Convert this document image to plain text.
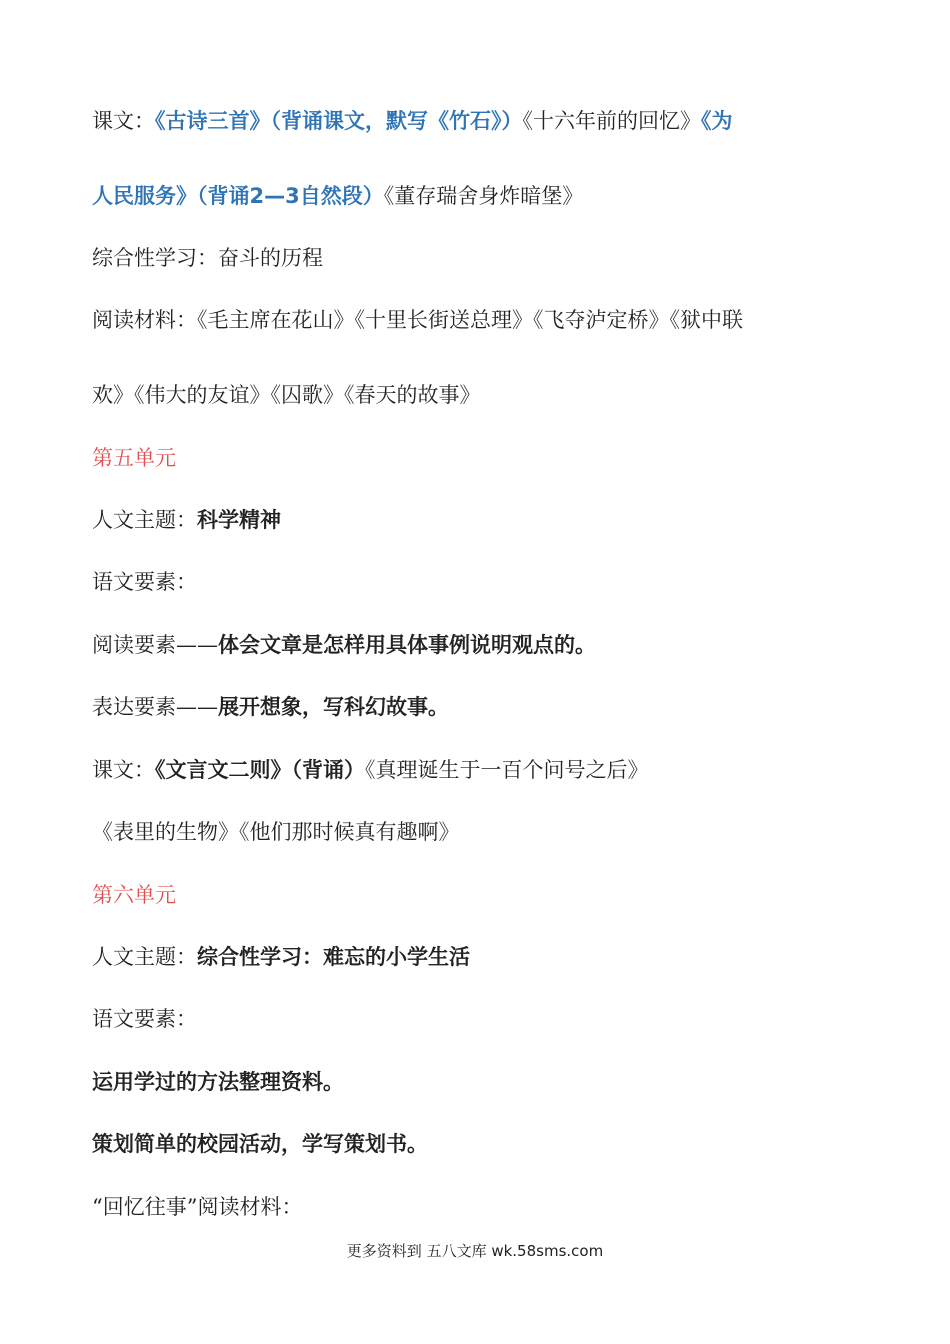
课文：《古诗三首》（背诵课文，默写《竹石》）《十六年前的回忆》《为
人民服务》（背诵2—3自然段）《董存瑞舍身炸暗堡》
综合性学习：奋斗的历程
阅读材料：《毛主席在花山》《十里长街送总理》《飞夺泸定桥》《狱中联
欢》《伟大的友谊》《囚歌》《春天的故事》
第五单元
人文主题：科学精神
语文要素：
阅读要素——体会文章是怎样用具体事例说明观点的。
表达要素——展开想象，写科幻故事。
课文：《文言文二则》（背诵）《真理诞生于一百个问号之后》
《表里的生物》《他们那时候真有趣啊》
第六单元
人文主题：综合性学习：难忘的小学生活
语文要素：
运用学过的方法整理资料。
策划简单的校园活动，学写策划书。
“回忆往事”阅读材料：
更多资料到 五八文库 wk.58sms.com
